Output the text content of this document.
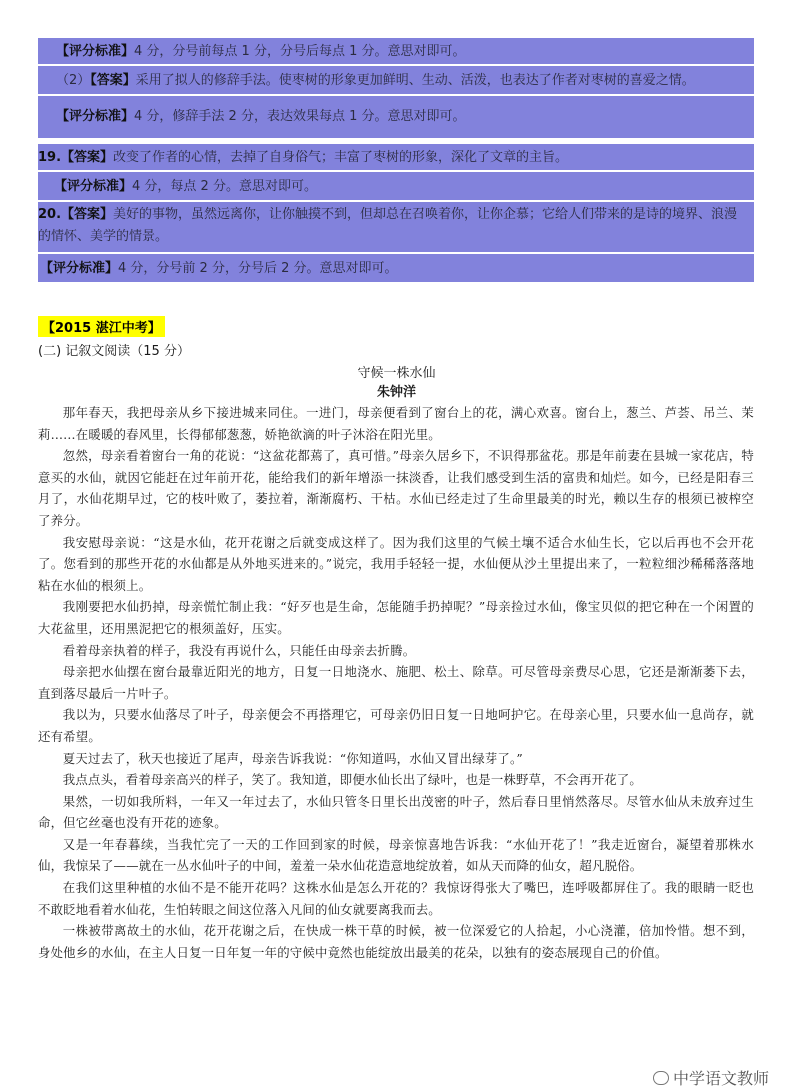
【评分标准】4 分，分号前每点 1 分，分号后每点 1 分。意思对即可。
（2）【答案】采用了拟人的修辞手法。使枣树的形象更加鲜明、生动、活泼，也表达了作者对枣树的喜爱之情。
【评分标准】4 分，修辞手法 2 分，表达效果每点 1 分。意思对即可。
19.【答案】改变了作者的心情，去掉了自身俗气；丰富了枣树的形象，深化了文章的主旨。
【评分标准】4 分，每点 2 分。意思对即可。
20.【答案】美好的事物，虽然远离你，让你触摸不到，但却总在召唤着你，让你企慕；它给人们带来的是诗的境界、浪漫的情怀、美学的情景。
【评分标准】4 分，分号前 2 分，分号后 2 分。意思对即可。
【2015 湛江中考】
(二) 记叙文阅读（15 分）
守候一株水仙
朱钟洋

那年春天，我把母亲从乡下接进城来同住。一进门，母亲便看到了窗台上的花，满心欢喜。窗台上，葱兰、芦荟、吊兰、茉莉……在暖暖的春风里，长得郁郁葱葱，娇艳欲滴的叶子沐浴在阳光里。

忽然，母亲看着窗台一角的花说：“这盆花都蔫了，真可惜。”母亲久居乡下，不识得那盆花。那是年前妻在县城一家花店，特意买的水仙，就因它能赶在过年前开花，能给我们的新年增添一抹淡香，让我们感受到生活的富贵和灿烂。如今，已经是阳春三月了，水仙花期早过，它的枝叶败了，萎拉着，渐渐腐朽、干枯。水仙已经走过了生命里最美的时光，赖以生存的根须已被榨空了养分。

我安慰母亲说：“这是水仙，花开花谢之后就变成这样了。因为我们这里的气候土壤不适合水仙生长，它以后再也不会开花了。您看到的那些开花的水仙都是从外地买进来的。”说完，我用手轻轻一提，水仙便从沙土里提出来了，一粒粒细沙稀稀落落地粘在水仙的根须上。

我刚要把水仙扔掉，母亲慌忙制止我：“好歹也是生命，怎能随手扔掉呢？”母亲捡过水仙，像宝贝似的把它种在一个闲置的大花盆里，还用黑泥把它的根须盖好，压实。

看着母亲执着的样子，我没有再说什么，只能任由母亲去折腾。

母亲把水仙摆在窗台最靠近阳光的地方，日复一日地浇水、施肥、松土、除草。可尽管母亲费尽心思，它还是渐渐萎下去，直到落尽最后一片叶子。

我以为，只要水仙落尽了叶子，母亲便会不再搭理它，可母亲仍旧日复一日地呵护它。在母亲心里，只要水仙一息尚存，就还有希望。

夏天过去了，秋天也接近了尾声，母亲告诉我说：“你知道吗，水仙又冒出绿芽了。”

我点点头，看着母亲高兴的样子，笑了。我知道，即便水仙长出了绿叶，也是一株野草，不会再开花了。

果然，一切如我所料，一年又一年过去了，水仙只管冬日里长出茂密的叶子，然后春日里悄然落尽。尽管水仙从未放弃过生命，但它丝毫也没有开花的迹象。

又是一年春暮续，当我忙完了一天的工作回到家的时候，母亲惊喜地告诉我：“水仙开花了！”我走近窗台，凝望着那株水仙，我惊呆了——就在一丛水仙叶子的中间，羞羞一朵水仙花造意地绽放着，如从天而降的仙女，超凡脱俗。

在我们这里种植的水仙不是不能开花吗？这株水仙是怎么开花的？我惊讶得张大了嘴巴，连呼吸都屏住了。我的眼睛一眨也不敢眨地看着水仙花，生怕转眼之间这位落入凡间的仙女就要离我而去。

一株被带离故土的水仙，花开花谢之后，在快成一株干草的时候，被一位深爱它的人拾起，小心浇灌，倍加怜惜。想不到，身处他乡的水仙，在主人日复一日年复一年的守候中竟然也能绽放出最美的花朵，以独有的姿态展现自己的价值。

中学语文教师
